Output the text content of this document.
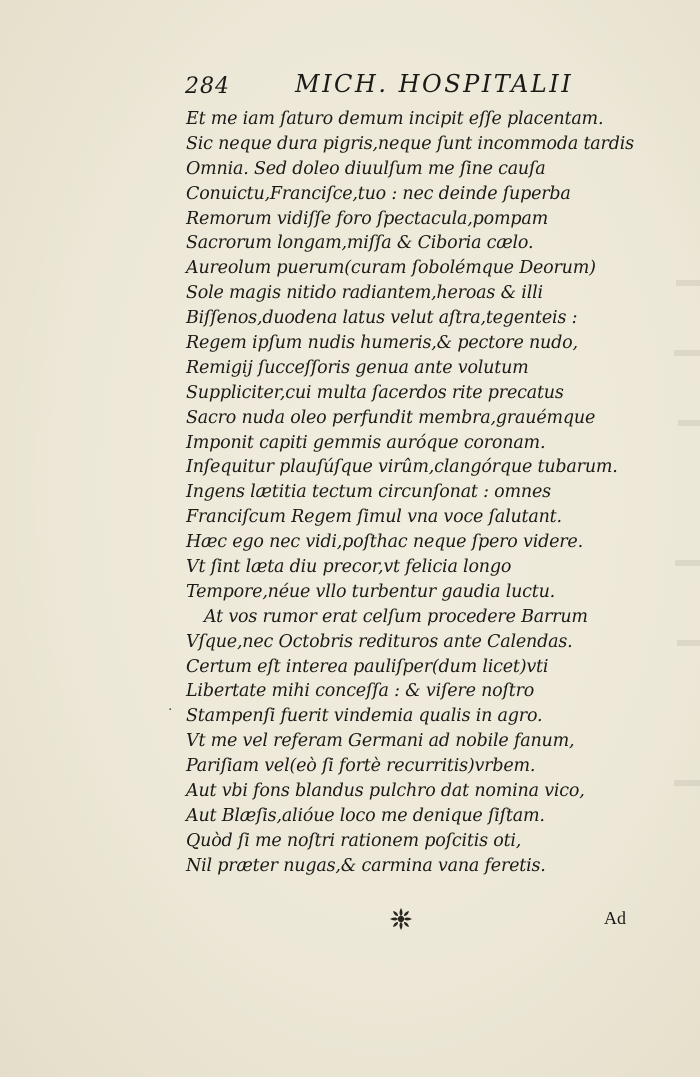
284	MICH. HOSPITALII
Et me iam ſaturo demum incipit eſſe placentam.
Sic neque dura pigris,neque ſunt incommoda tardis
Omnia. Sed doleo diuulſum me ſine cauſa
Conuictu,Franciſce,tuo : nec deinde ſuperba
Remorum vidiſſe foro ſpectacula,pompam
Sacrorum longam,miſſa & Ciboria cælo.
Aureolum puerum(curam ſobolémque Deorum)
Sole magis nitido radiantem,heroas & illi
Biſſenos,duodena latus velut aſtra,tegenteis :
Regem ipſum nudis humeris,& pectore nudo,
Remigij ſucceſſoris genua ante volutum
Suppliciter,cui multa ſacerdos rite precatus
Sacro nuda oleo perfundit membra,grauémque
Imponit capiti gemmis auróque coronam.
Inſequitur plauſúſque virûm,clangórque tubarum.
Ingens lætitia tectum circunſonat : omnes
Franciſcum Regem ſimul vna voce ſalutant.
Hæc ego nec vidi,poſthac neque ſpero videre.
Vt ſint læta diu precor,vt felicia longo
Tempore,néue vllo turbentur gaudia luctu.
At vos rumor erat celſum procedere Barrum
Vſque,nec Octobris redituros ante Calendas.
Certum eſt interea pauliſper(dum licet)vti
Libertate mihi conceſſa : & viſere noſtro
Stampenſi fuerit vindemia qualis in agro.
Vt me vel referam Germani ad nobile fanum,
Pariſiam vel(eò ſi fortè recurritis)vrbem.
Aut vbi fons blandus pulchro dat nomina vico,
Aut Blæſis,alióue loco me denique ſiſtam.
Quòd ſi me noſtri rationem poſcitis oti,
Nil præter nugas,& carmina vana feretis.
·
Ad
